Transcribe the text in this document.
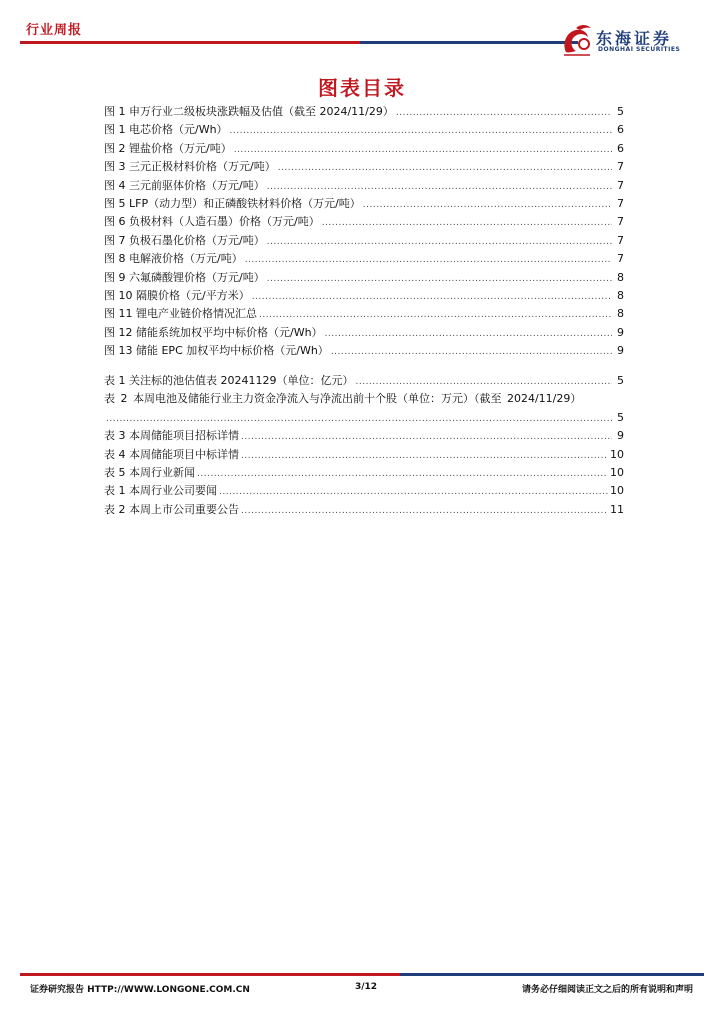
行业周报	东海证券
DONGHAI SECURITIES
图表目录
图 1 申万行业二级板块涨跌幅及估值（截至 2024/11/29） .....	5
图 1 电芯价格（元/Wh） .....	6
图 2 锂盐价格（万元/吨） .....	6
图 3 三元正极材料价格（万元/吨） .....	7
图 4 三元前驱体价格（万元/吨） .....	7
图 5 LFP（动力型）和正磷酸铁材料价格（万元/吨） .....	7
图 6 负极材料（人造石墨）价格（万元/吨） .....	7
图 7 负极石墨化价格（万元/吨） .....	7
图 8 电解液价格（万元/吨） .....	7
图 9 六氟磷酸锂价格（万元/吨） .....	8
图 10 隔膜价格（元/平方米） .....	8
图 11 锂电产业链价格情况汇总 .....	8
图 12 储能系统加权平均中标价格（元/Wh） .....	9
图 13 储能 EPC 加权平均中标价格（元/Wh） .....	9
表 1 关注标的池估值表 20241129（单位：亿元） .....	5
表 2 本周电池及储能行业主力资金净流入与净流出前十个股（单位：万元）（截至 2024/11/29）
.....
5
表 3 本周储能项目招标详情 .....	9
表 4 本周储能项目中标详情 .....	10
表 5 本周行业新闻 .....	10
表 1 本周行业公司要闻 .....	10
表 2 本周上市公司重要公告 .....	11
证券研究报告 HTTP://WWW.LONGONE.COM.CN	3/12	请务必仔细阅读正文之后的所有说明和声明
